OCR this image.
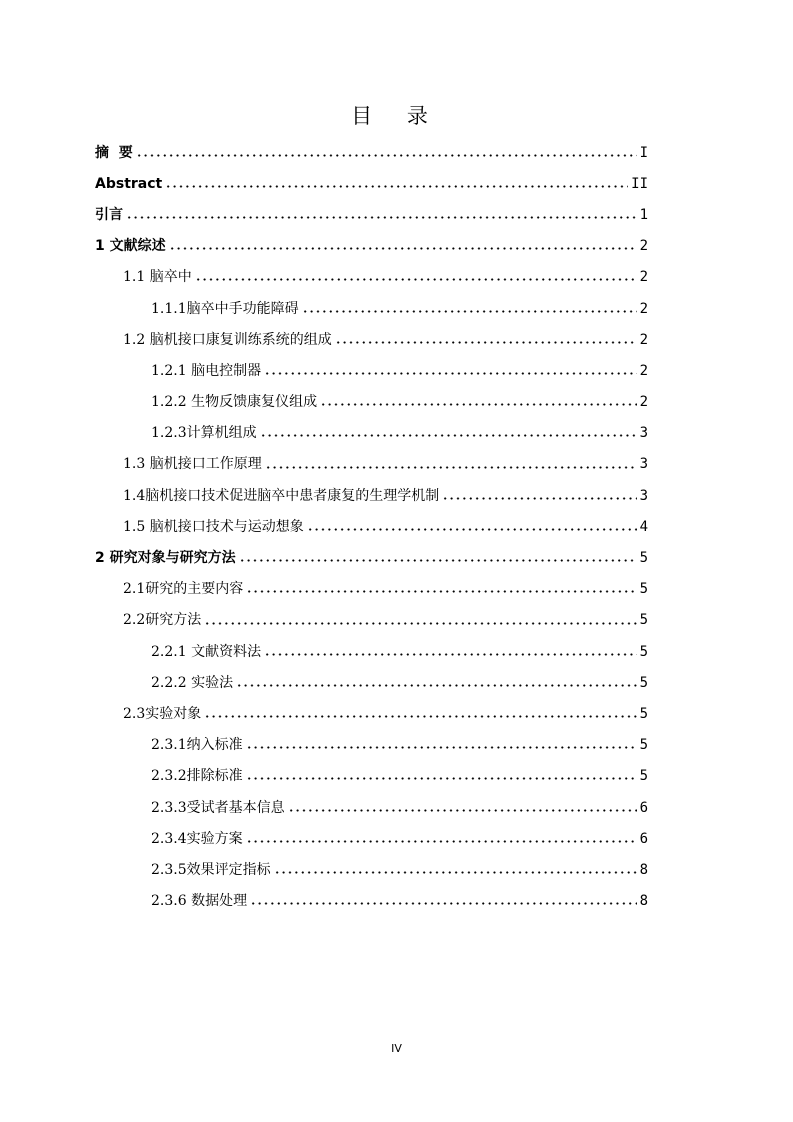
目 录
摘  要	I
Abstract	II
引言	1
1 文献综述	2
1.1 脑卒中	2
1.1.1脑卒中手功能障碍	2
1.2 脑机接口康复训练系统的组成	2
1.2.1 脑电控制器	2
1.2.2 生物反馈康复仪组成	2
1.2.3计算机组成	3
1.3 脑机接口工作原理	3
1.4脑机接口技术促进脑卒中患者康复的生理学机制	3
1.5 脑机接口技术与运动想象	4
2 研究对象与研究方法	5
2.1研究的主要内容	5
2.2研究方法	5
2.2.1 文献资料法	5
2.2.2 实验法	5
2.3实验对象	5
2.3.1纳入标准	5
2.3.2排除标准	5
2.3.3受试者基本信息	6
2.3.4实验方案	6
2.3.5效果评定指标	8
2.3.6 数据处理	8
IV
